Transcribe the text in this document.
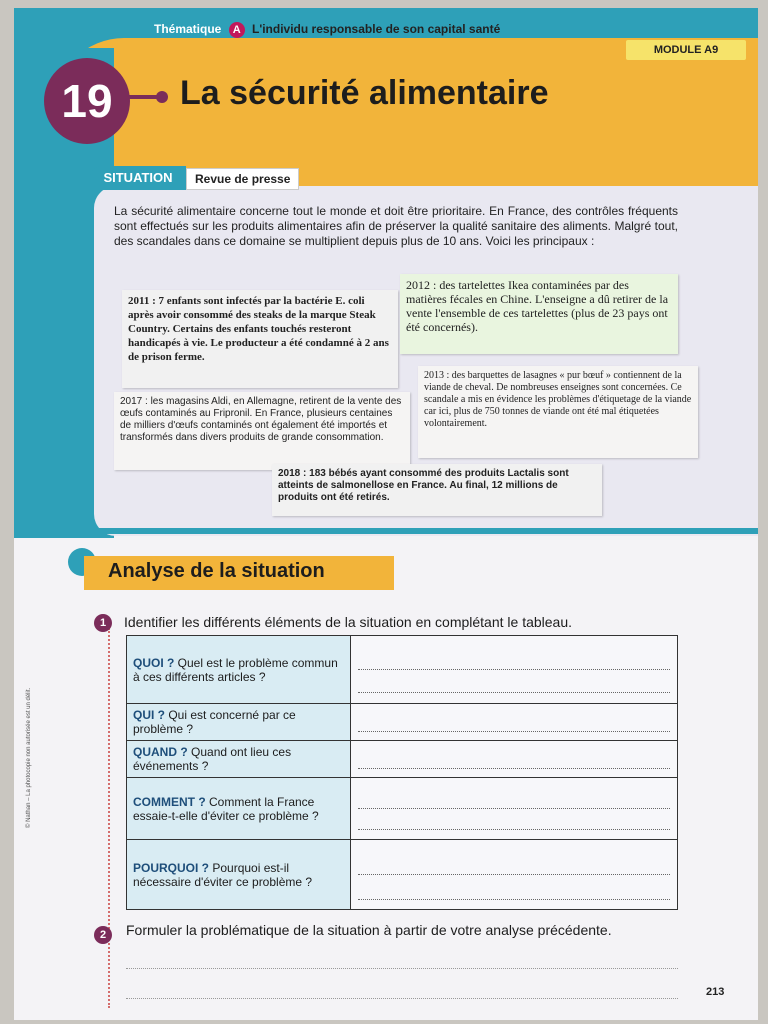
Thématique A L'individu responsable de son capital santé
MODULE A9
19	La sécurité alimentaire
SITUATION	Revue de presse
La sécurité alimentaire concerne tout le monde et doit être prioritaire. En France, des contrôles fréquents sont effectués sur les produits alimentaires afin de préserver la qualité sanitaire des aliments. Malgré tout, des scandales dans ce domaine se multiplient depuis plus de 10 ans. Voici les principaux :
2011 : 7 enfants sont infectés par la bactérie E. coli après avoir consommé des steaks de la marque Steak Country. Certains des enfants touchés resteront handicapés à vie. Le producteur a été condamné à 2 ans de prison ferme.
2012 : des tartelettes Ikea contaminées par des matières fécales en Chine. L'enseigne a dû retirer de la vente l'ensemble de ces tartelettes (plus de 23 pays ont été concernés).
2013 : des barquettes de lasagnes « pur bœuf » contiennent de la viande de cheval. De nombreuses enseignes sont concernées. Ce scandale a mis en évidence les problèmes d'étiquetage de la viande car ici, plus de 750 tonnes de viande ont été mal étiquetées volontairement.
2017 : les magasins Aldi, en Allemagne, retirent de la vente des œufs contaminés au Fripronil. En France, plusieurs centaines de milliers d'œufs contaminés ont également été importés et transformés dans divers produits de grande consommation.
2018 : 183 bébés ayant consommé des produits Lactalis sont atteints de salmonellose en France. Au final, 12 millions de produits ont été retirés.
Analyse de la situation
1	Identifier les différents éléments de la situation en complétant le tableau.
QUOI ? Quel est le problème commun à ces différents articles ?	

QUI ? Qui est concerné par ce problème ?	

QUAND ? Quand ont lieu ces événements ?	

COMMENT ? Comment la France essaie-t-elle d'éviter ce problème ?	

POURQUOI ? Pourquoi est-il nécessaire d'éviter ce problème ?	
2	Formuler la problématique de la situation à partir de votre analyse précédente.
213
© Nathan – La photocopie non autorisée est un délit.
